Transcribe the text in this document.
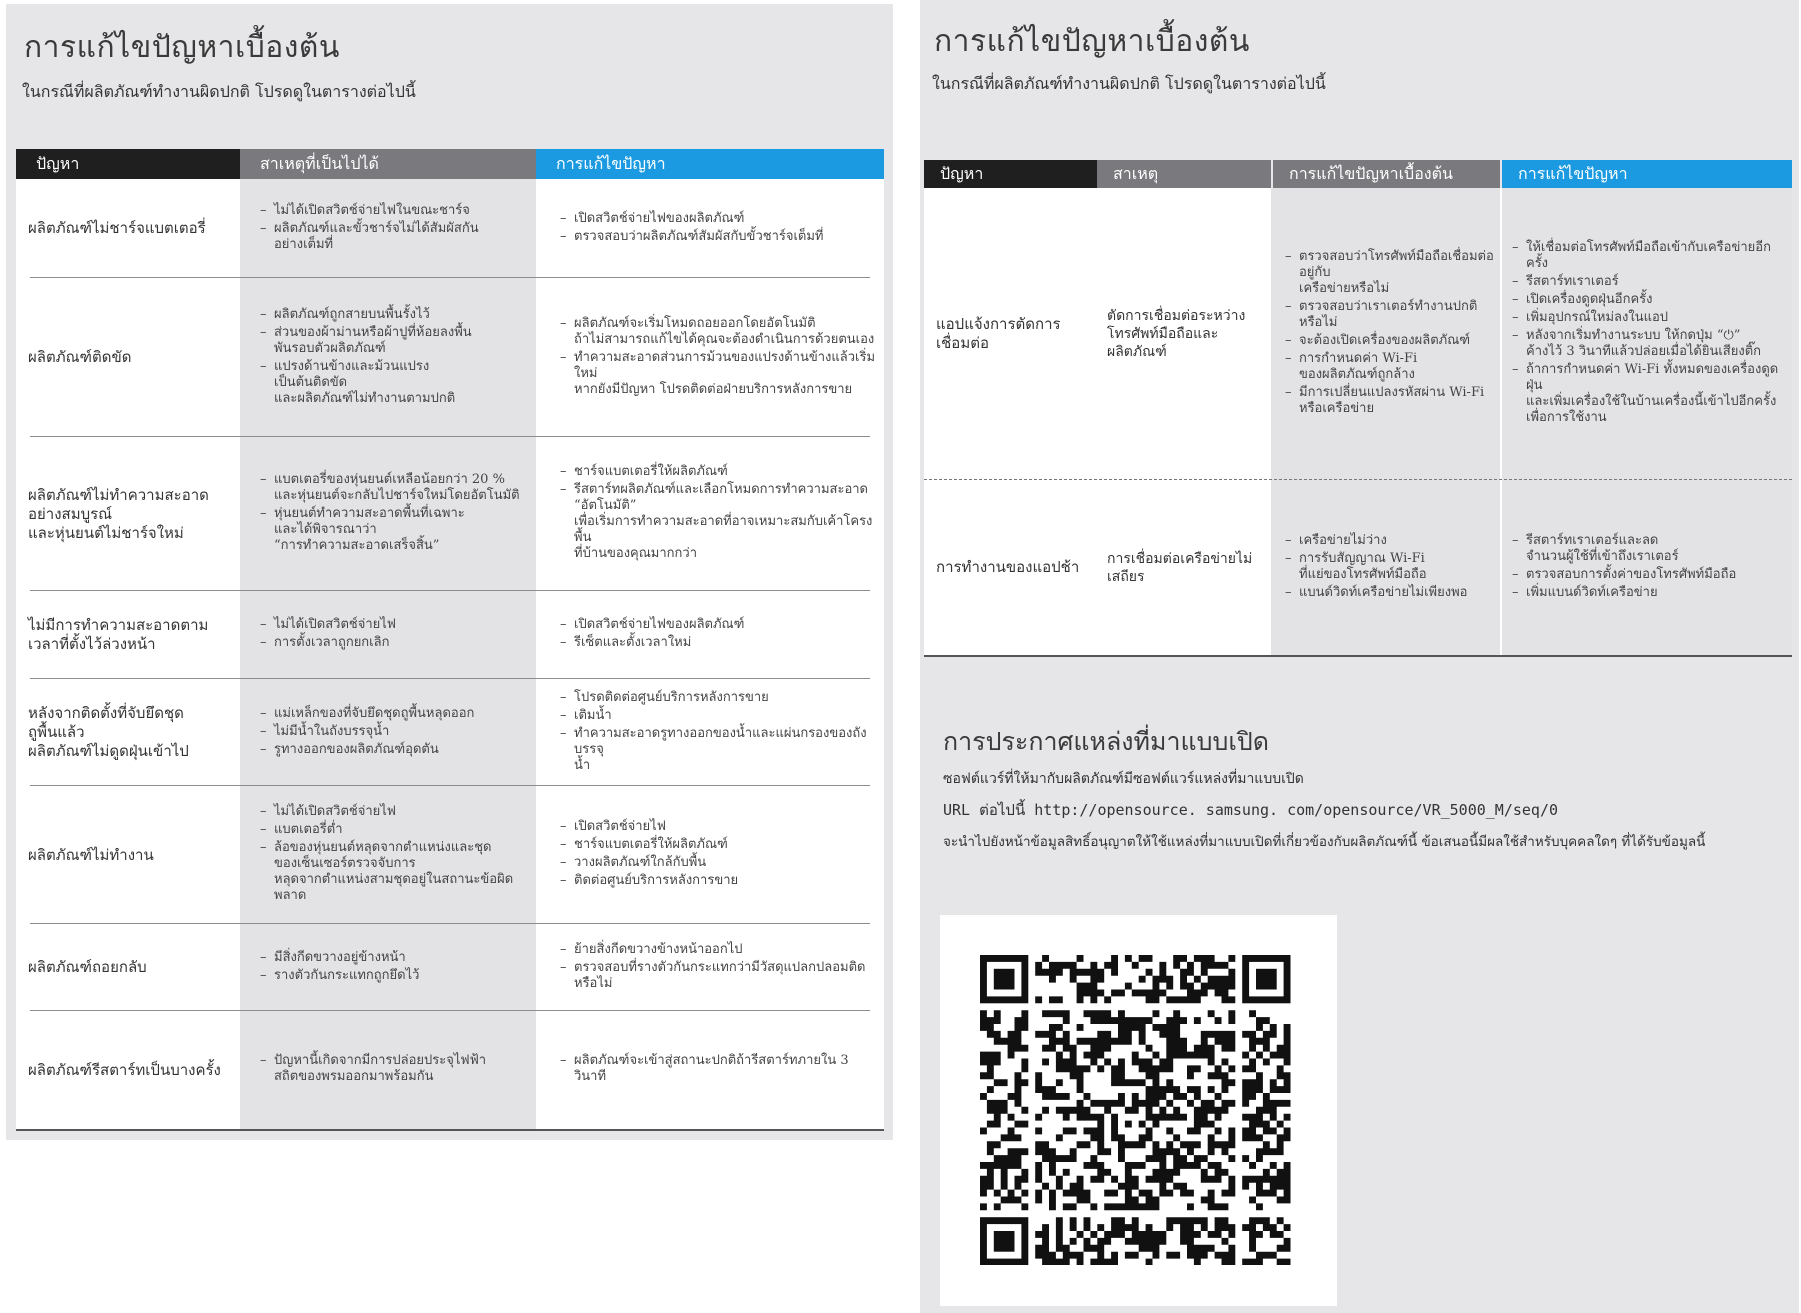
การแก้ไขปัญหาเบื้องต้น
ในกรณีที่ผลิตภัณฑ์ทำงานผิดปกติ โปรดดูในตารางต่อไปนี้
ปัญหา	สาเหตุที่เป็นไปได้	การแก้ไขปัญหา
ผลิตภัณฑ์ไม่ชาร์จแบตเตอรี่
– ไม่ได้เปิดสวิตช์จ่ายไฟในขณะชาร์จ
– ผลิตภัณฑ์และขั้วชาร์จไม่ได้สัมผัสกัน
อย่างเต็มที่
– เปิดสวิตช์จ่ายไฟของผลิตภัณฑ์
– ตรวจสอบว่าผลิตภัณฑ์สัมผัสกับขั้วชาร์จเต็มที่
ผลิตภัณฑ์ติดขัด
– ผลิตภัณฑ์ถูกสายบนพื้นรั้งไว้
– ส่วนของผ้าม่านหรือผ้าปูที่ห้อยลงพื้น
พันรอบตัวผลิตภัณฑ์
– แปรงด้านข้างและม้วนแปรง
เป็นต้นติดขัด
และผลิตภัณฑ์ไม่ทำงานตามปกติ
– ผลิตภัณฑ์จะเริ่มโหมดถอยออกโดยอัตโนมัติ
ถ้าไม่สามารถแก้ไขได้คุณจะต้องดำเนินการด้วยตนเอง
– ทำความสะอาดส่วนการม้วนของแปรงด้านข้างแล้วเริ่มใหม่
หากยังมีปัญหา โปรดติดต่อฝ่ายบริการหลังการขาย
ผลิตภัณฑ์ไม่ทำความสะอาด
อย่างสมบูรณ์
และหุ่นยนต์ไม่ชาร์จใหม่
– แบตเตอรี่ของหุ่นยนต์เหลือน้อยกว่า 20 %
และหุ่นยนต์จะกลับไปชาร์จใหม่โดยอัตโนมัติ
– หุ่นยนต์ทำความสะอาดพื้นที่เฉพาะ
และได้พิจารณาว่า
“การทำความสะอาดเสร็จสิ้น”
– ชาร์จแบตเตอรี่ให้ผลิตภัณฑ์
– รีสตาร์ทผลิตภัณฑ์และเลือกโหมดการทำความสะอาด
“อัตโนมัติ”
เพื่อเริ่มการทำความสะอาดที่อาจเหมาะสมกับเค้าโครงพื้น
ที่บ้านของคุณมากกว่า
ไม่มีการทำความสะอาดตาม
เวลาที่ตั้งไว้ล่วงหน้า
– ไม่ได้เปิดสวิตช์จ่ายไฟ
– การตั้งเวลาถูกยกเลิก
– เปิดสวิตช์จ่ายไฟของผลิตภัณฑ์
– รีเซ็ตและตั้งเวลาใหม่
หลังจากติดตั้งที่จับยึดชุด
ถูพื้นแล้ว
ผลิตภัณฑ์ไม่ดูดฝุ่นเข้าไป
– แม่เหล็กของที่จับยึดชุดถูพื้นหลุดออก
– ไม่มีน้ำในถังบรรจุน้ำ
– รูทางออกของผลิตภัณฑ์อุดตัน
– โปรดติดต่อศูนย์บริการหลังการขาย
– เติมน้ำ
– ทำความสะอาดรูทางออกของน้ำและแผ่นกรองของถังบรรจุ
น้ำ
ผลิตภัณฑ์ไม่ทำงาน
– ไม่ได้เปิดสวิตช์จ่ายไฟ
– แบตเตอรี่ต่ำ
– ล้อของหุ่นยนต์หลุดจากตำแหน่งและชุด
ของเซ็นเซอร์ตรวจจับการ
หลุดจากตำแหน่งสามชุดอยู่ในสถานะข้อผิดพลาด
– เปิดสวิตช์จ่ายไฟ
– ชาร์จแบตเตอรี่ให้ผลิตภัณฑ์
– วางผลิตภัณฑ์ใกล้กับพื้น
– ติดต่อศูนย์บริการหลังการขาย
ผลิตภัณฑ์ถอยกลับ
– มีสิ่งกีดขวางอยู่ข้างหน้า
– รางตัวกันกระแทกถูกยึดไว้
– ย้ายสิ่งกีดขวางข้างหน้าออกไป
– ตรวจสอบที่รางตัวกันกระแทกว่ามีวัสดุแปลกปลอมติดหรือไม่
ผลิตภัณฑ์รีสตาร์ทเป็นบางครั้ง
–	ปัญหานี้เกิดจากมีการปล่อยประจุไฟฟ้า
สถิตของพรมออกมาพร้อมกัน
– ผลิตภัณฑ์จะเข้าสู่สถานะปกติถ้ารีสตาร์ทภายใน 3
วินาที
การแก้ไขปัญหาเบื้องต้น
ในกรณีที่ผลิตภัณฑ์ทำงานผิดปกติ โปรดดูในตารางต่อไปนี้
ปัญหา	สาเหตุ	การแก้ไขปัญหาเบื้องต้น	การแก้ไขปัญหา
แอปแจ้งการตัดการ
เชื่อมต่อ
ตัดการเชื่อมต่อระหว่าง
โทรศัพท์มือถือและผลิตภัณฑ์
– ตรวจสอบว่าโทรศัพท์มือถือเชื่อมต่ออยู่กับ
เครือข่ายหรือไม่
– ตรวจสอบว่าเราเตอร์ทำงานปกติหรือไม่
– จะต้องเปิดเครื่องของผลิตภัณฑ์
– การกำหนดค่า Wi-Fi
ของผลิตภัณฑ์ถูกล้าง
– มีการเปลี่ยนแปลงรหัสผ่าน Wi-Fi
หรือเครือข่าย
– ให้เชื่อมต่อโทรศัพท์มือถือเข้ากับเครือข่ายอีก
ครั้ง
– รีสตาร์ทเราเตอร์
– เปิดเครื่องดูดฝุ่นอีกครั้ง
– เพิ่มอุปกรณ์ใหม่ลงในแอป
– หลังจากเริ่มทำงานระบบ ให้กดปุ่ม “⏻”
ค้างไว้ 3 วินาทีแล้วปล่อยเมื่อได้ยินเสียงติ๊ก
– ถ้าการกำหนดค่า Wi-Fi ทั้งหมดของเครื่องดูดฝุ่น
และเพิ่มเครื่องใช้ในบ้านเครื่องนี้เข้าไปอีกครั้ง
เพื่อการใช้งาน
การทำงานของแอปช้า	การเชื่อมต่อเครือข่ายไม่เสถียร
– เครือข่ายไม่ว่าง
– การรับสัญญาณ Wi-Fi
ที่แย่ของโทรศัพท์มือถือ
– แบนด์วิดท์เครือข่ายไม่เพียงพอ
– รีสตาร์ทเราเตอร์และลด
จำนวนผู้ใช้ที่เข้าถึงเราเตอร์
– ตรวจสอบการตั้งค่าของโทรศัพท์มือถือ
– เพิ่มแบนด์วิดท์เครือข่าย
การประกาศแหล่งที่มาแบบเปิด
ซอฟต์แวร์ที่ให้มากับผลิตภัณฑ์มีซอฟต์แวร์แหล่งที่มาแบบเปิด
URL ต่อไปนี้ http://opensource. samsung. com/opensource/VR_5000_M/seq/0
จะนำไปยังหน้าข้อมูลสิทธิ์อนุญาตให้ใช้แหล่งที่มาแบบเปิดที่เกี่ยวข้องกับผลิตภัณฑ์นี้ ข้อเสนอนี้มีผลใช้สำหรับบุคคลใดๆ ที่ได้รับข้อมูลนี้
